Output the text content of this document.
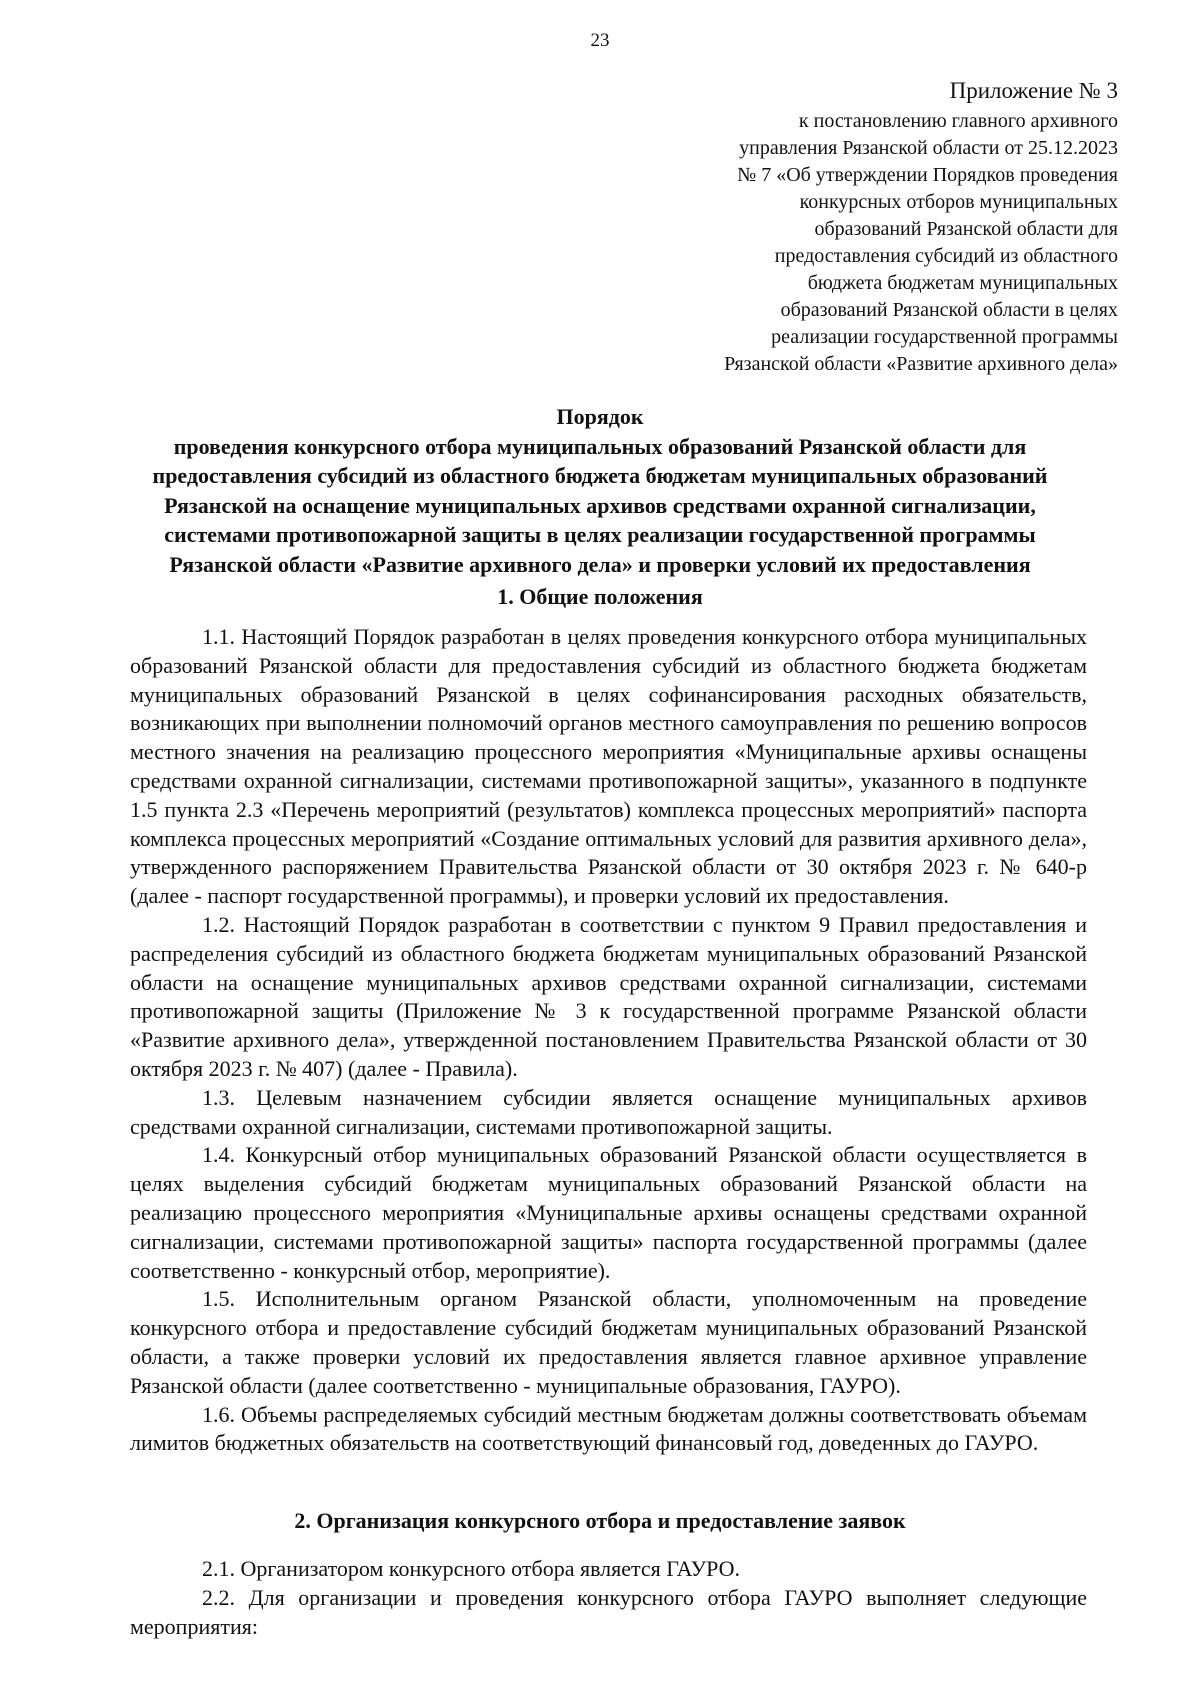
23
Приложение № 3
к постановлению главного архивного
управления Рязанской области от 25.12.2023
№ 7 «Об утверждении Порядков проведения
конкурсных отборов муниципальных
образований Рязанской области для
предоставления субсидий из областного
бюджета бюджетам муниципальных
образований Рязанской области в целях
реализации государственной программы
Рязанской области «Развитие архивного дела»
Порядок
проведения конкурсного отбора муниципальных образований Рязанской области для
предоставления субсидий из областного бюджета бюджетам муниципальных образований
Рязанской на оснащение муниципальных архивов средствами охранной сигнализации,
системами противопожарной защиты в целях реализации государственной программы
Рязанской области «Развитие архивного дела» и проверки условий их предоставления
1. Общие положения

1.1. Настоящий Порядок разработан в целях проведения конкурсного отбора муниципальных образований Рязанской области для предоставления субсидий из областного бюджета бюджетам муниципальных образований Рязанской в целях софинансирования расходных обязательств, возникающих при выполнении полномочий органов местного самоуправления по решению вопросов местного значения на реализацию процессного мероприятия «Муниципальные архивы оснащены средствами охранной сигнализации, системами противопожарной защиты», указанного в подпункте 1.5 пункта 2.3 «Перечень мероприятий (результатов) комплекса процессных мероприятий» паспорта комплекса процессных мероприятий «Создание оптимальных условий для развития архивного дела», утвержденного распоряжением Правительства Рязанской области от 30 октября 2023 г. № 640-р (далее - паспорт государственной программы), и проверки условий их предоставления.

1.2. Настоящий Порядок разработан в соответствии с пунктом 9 Правил предоставления и распределения субсидий из областного бюджета бюджетам муниципальных образований Рязанской области на оснащение муниципальных архивов средствами охранной сигнализации, системами противопожарной защиты (Приложение № 3 к государственной программе Рязанской области «Развитие архивного дела», утвержденной постановлением Правительства Рязанской области от 30 октября 2023 г. № 407) (далее - Правила).

1.3. Целевым назначением субсидии является оснащение муниципальных архивов средствами охранной сигнализации, системами противопожарной защиты.

1.4. Конкурсный отбор муниципальных образований Рязанской области осуществляется в целях выделения субсидий бюджетам муниципальных образований Рязанской области на реализацию процессного мероприятия «Муниципальные архивы оснащены средствами охранной сигнализации, системами противопожарной защиты» паспорта государственной программы (далее соответственно - конкурсный отбор, мероприятие).

1.5. Исполнительным органом Рязанской области, уполномоченным на проведение конкурсного отбора и предоставление субсидий бюджетам муниципальных образований Рязанской области, а также проверки условий их предоставления является главное архивное управление Рязанской области (далее соответственно - муниципальные образования, ГАУРО).

1.6. Объемы распределяемых субсидий местным бюджетам должны соответствовать объемам лимитов бюджетных обязательств на соответствующий финансовый год, доведенных до ГАУРО.

2. Организация конкурсного отбора и предоставление заявок

2.1. Организатором конкурсного отбора является ГАУРО.

2.2. Для организации и проведения конкурсного отбора ГАУРО выполняет следующие мероприятия:
